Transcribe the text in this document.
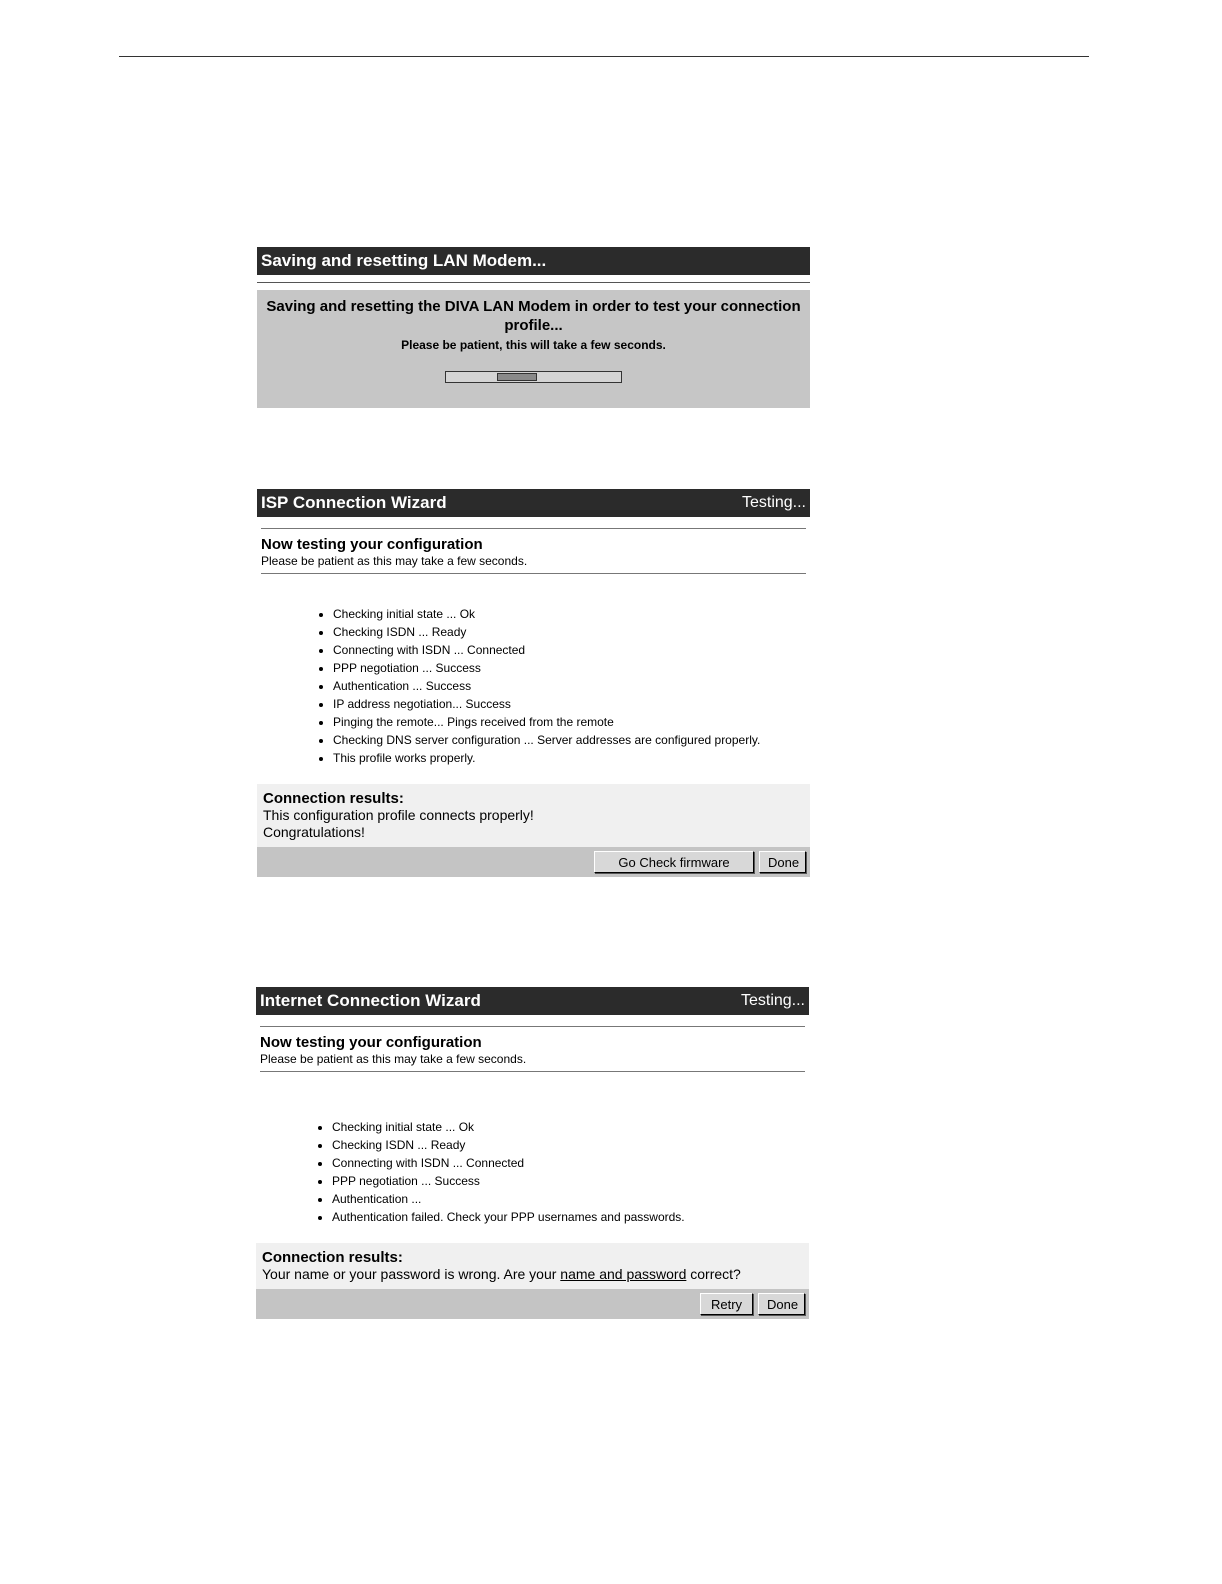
Saving and resetting LAN Modem...
Saving and resetting the DIVA LAN Modem in order to test your connection profile...
Please be patient, this will take a few seconds.
ISP Connection Wizard	Testing...
Now testing your configuration
Please be patient as this may take a few seconds.
• Checking initial state ... Ok
• Checking ISDN ... Ready
• Connecting with ISDN ... Connected
• PPP negotiation ... Success
• Authentication ... Success
• IP address negotiation... Success
• Pinging the remote... Pings received from the remote
• Checking DNS server configuration ... Server addresses are configured properly.
• This profile works properly.
Connection results:
This configuration profile connects properly!
Congratulations!
Go Check firmware	Done
Internet Connection Wizard	Testing...
Now testing your configuration
Please be patient as this may take a few seconds.
• Checking initial state ... Ok
• Checking ISDN ... Ready
• Connecting with ISDN ... Connected
• PPP negotiation ... Success
• Authentication ...
• Authentication failed. Check your PPP usernames and passwords.
Connection results:
Your name or your password is wrong. Are your name and password correct?
Retry	Done
